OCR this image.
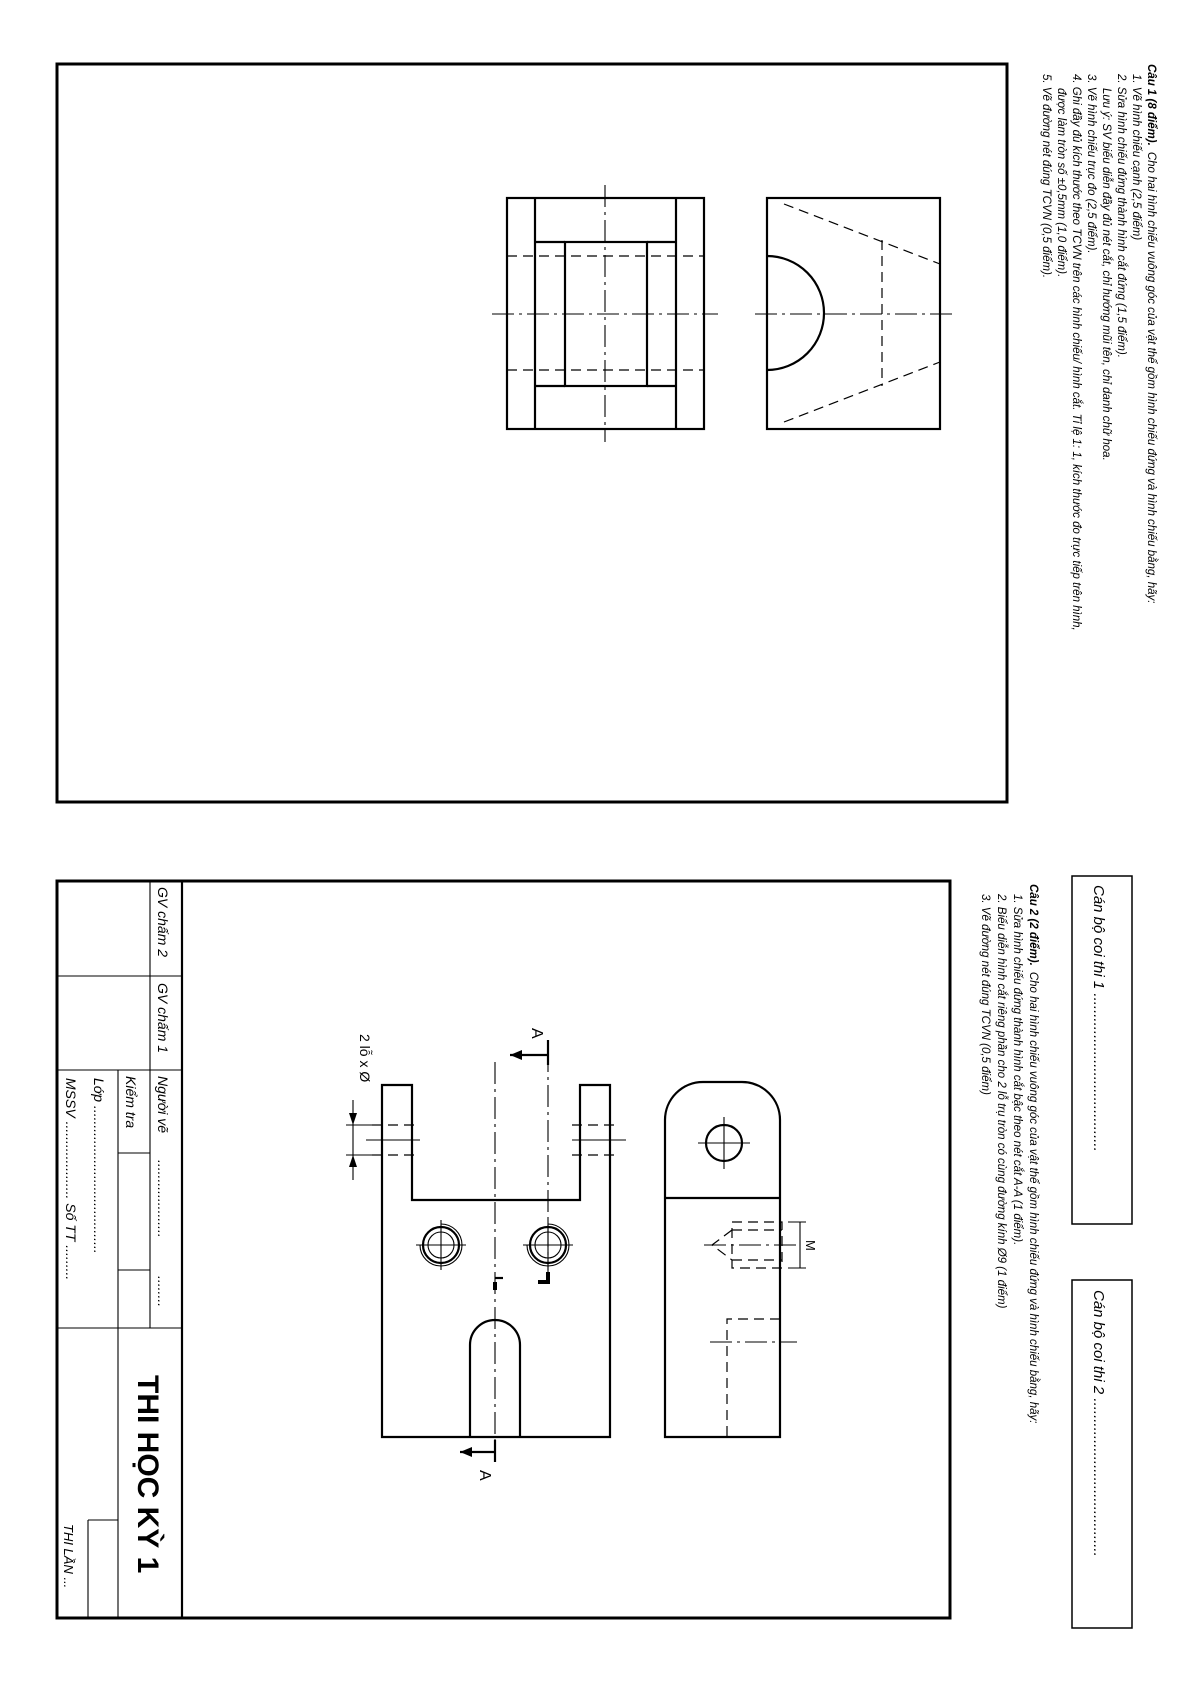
Câu 1 (8 điểm).Cho hai hình chiếu vuông góc của vật thể gồm hình chiếu đứng và hình chiếu bằng, hãy:
1. Vẽ hình chiếu cạnh (2,5 điểm)
2. Sửa hình chiếu đứng thành hình cắt đứng (1,5 điểm).
Lưu ý: SV biểu diễn đầy đủ nét cắt, chỉ hướng mũi tên, chỉ danh chữ hoa.
3. Vẽ hình chiếu trục đo (2,5 điểm).
4. Ghi đầy đủ kích thước theo TCVN trên các hình chiếu/ hình cắt. Tỉ lệ 1: 1, kích thước đo trực tiếp trên hình,
được làm tròn số ±0,5mm (1,0 điểm).
5. Vẽ đường nét đúng TCVN (0,5 điểm).
Câu 2 (2 điểm).Cho hai hình chiếu vuông góc của vật thể gồm hình chiếu đứng và hình chiếu bằng, hãy:
1. Sửa hình chiếu đứng thành hình cắt bậc theo nét cắt A-A (1 điểm).
2. Biểu diễn hình cắt riêng phần cho 2 lỗ trụ tròn có cùng đường kính Ø9 (1 điểm)
3. Vẽ đường nét đúng TCVN (0,5 điểm)	Cán bộ coi thi 1 ......................................
Cán bộ coi thi 2 ......................................
M
A
A
2 lỗ x Ø
GV chấm 2
GV chấm 1
Người vẽ
....................
........
Kiểm tra
Lớp ......................................
MSSV .................... Số TT .........
THI HỌC KỲ 1
THI LẦN ...
